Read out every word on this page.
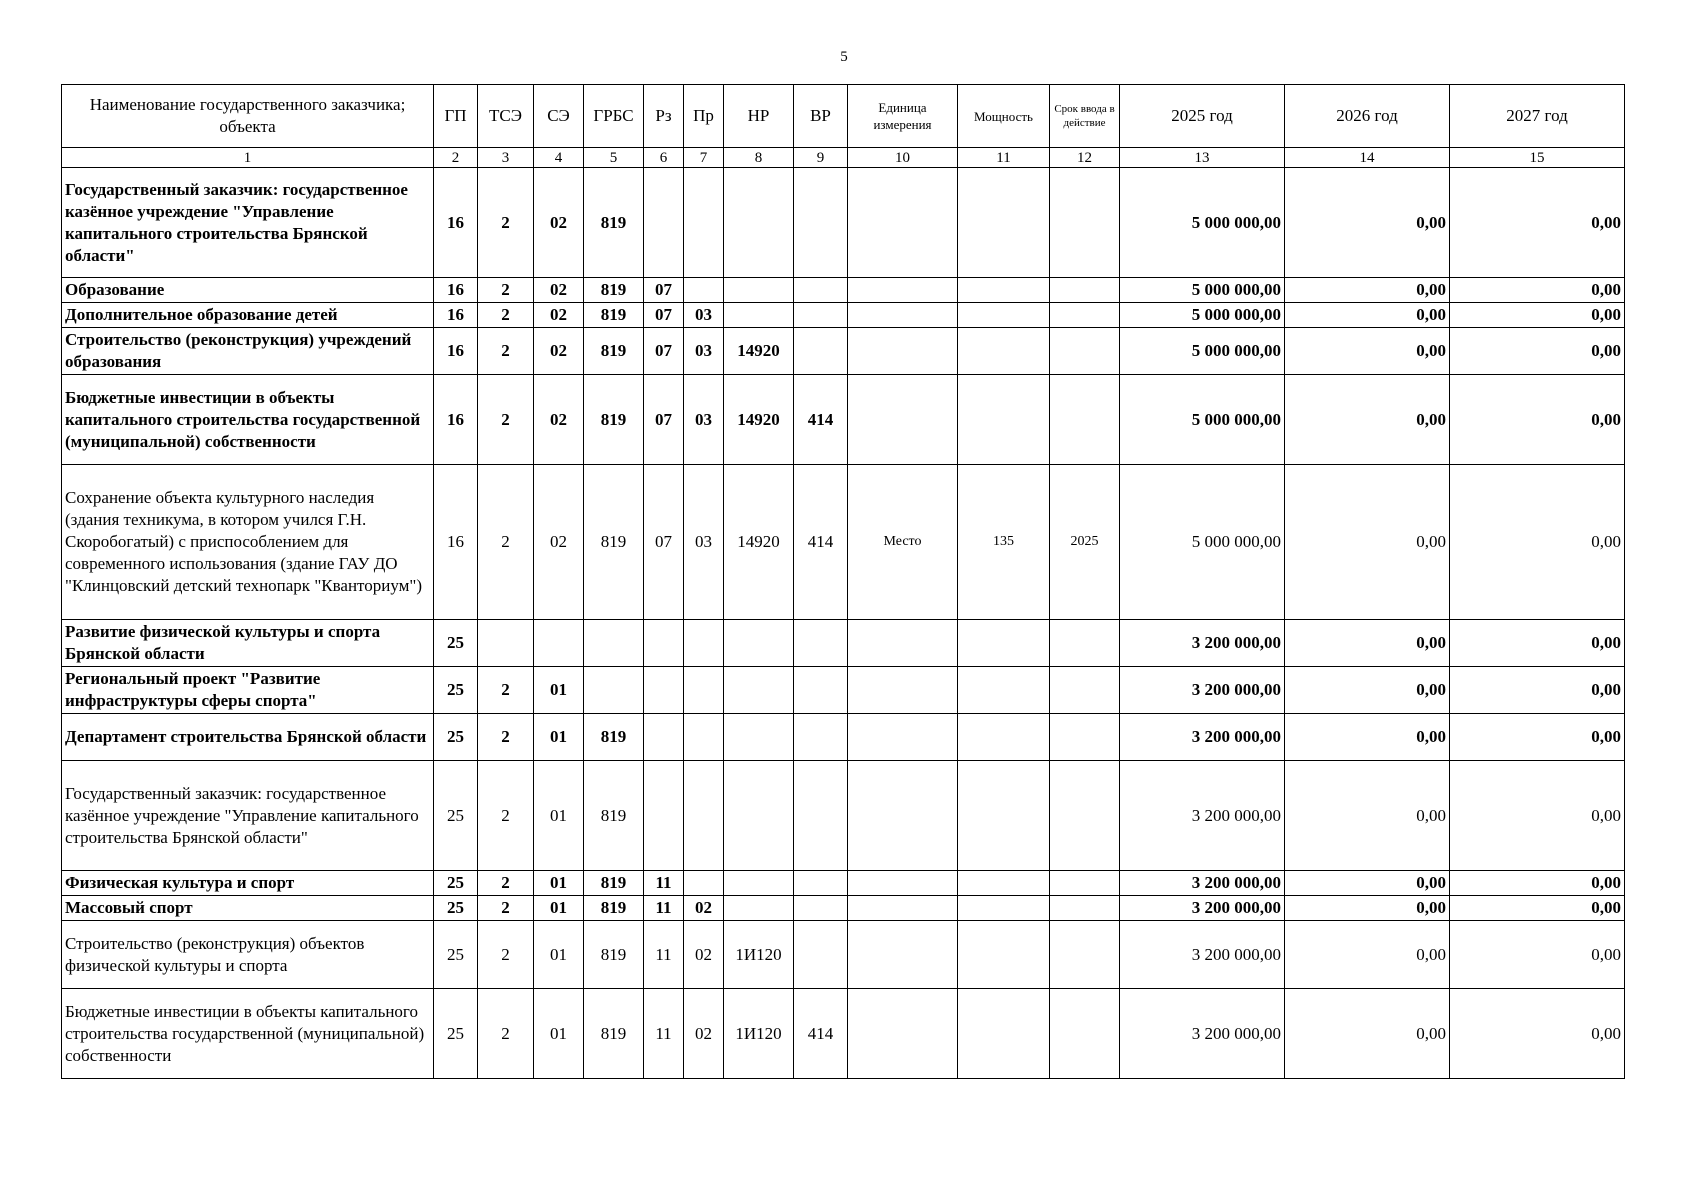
5
Наименование государственного заказчика; объекта	ГП	ТСЭ	СЭ	ГРБС	Рз	Пр	НР	ВР	Единица измерения	Мощность	Срок ввода в действие	2025 год	2026 год	2027 год
1	2	3	4	5	6	7	8	9	10	11	12	13	14	15
Государственный заказчик: государственное казённое учреждение "Управление капитального строительства Брянской области"	16	2	02	819								5 000 000,00	0,00	0,00
Образование	16	2	02	819	07							5 000 000,00	0,00	0,00
Дополнительное образование детей	16	2	02	819	07	03						5 000 000,00	0,00	0,00
Строительство (реконструкция) учреждений образования	16	2	02	819	07	03	14920					5 000 000,00	0,00	0,00
Бюджетные инвестиции в объекты капитального строительства государственной (муниципальной) собственности	16	2	02	819	07	03	14920	414				5 000 000,00	0,00	0,00
Сохранение объекта культурного наследия (здания техникума, в котором учился Г.Н. Скоробогатый) с приспособлением для современного использования (здание ГАУ ДО "Клинцовский детский технопарк "Кванториум")	16	2	02	819	07	03	14920	414	Место	135	2025	5 000 000,00	0,00	0,00
Развитие физической культуры и спорта Брянской области	25											3 200 000,00	0,00	0,00
Региональный проект "Развитие инфраструктуры сферы спорта"	25	2	01									3 200 000,00	0,00	0,00
Департамент строительства Брянской области	25	2	01	819								3 200 000,00	0,00	0,00
Государственный заказчик: государственное казённое учреждение "Управление капитального строительства Брянской области"	25	2	01	819								3 200 000,00	0,00	0,00
Физическая культура и спорт	25	2	01	819	11							3 200 000,00	0,00	0,00
Массовый спорт	25	2	01	819	11	02						3 200 000,00	0,00	0,00
Строительство (реконструкция) объектов физической культуры и спорта	25	2	01	819	11	02	1И120					3 200 000,00	0,00	0,00
Бюджетные инвестиции в объекты капитального строительства государственной (муниципальной) собственности	25	2	01	819	11	02	1И120	414				3 200 000,00	0,00	0,00
